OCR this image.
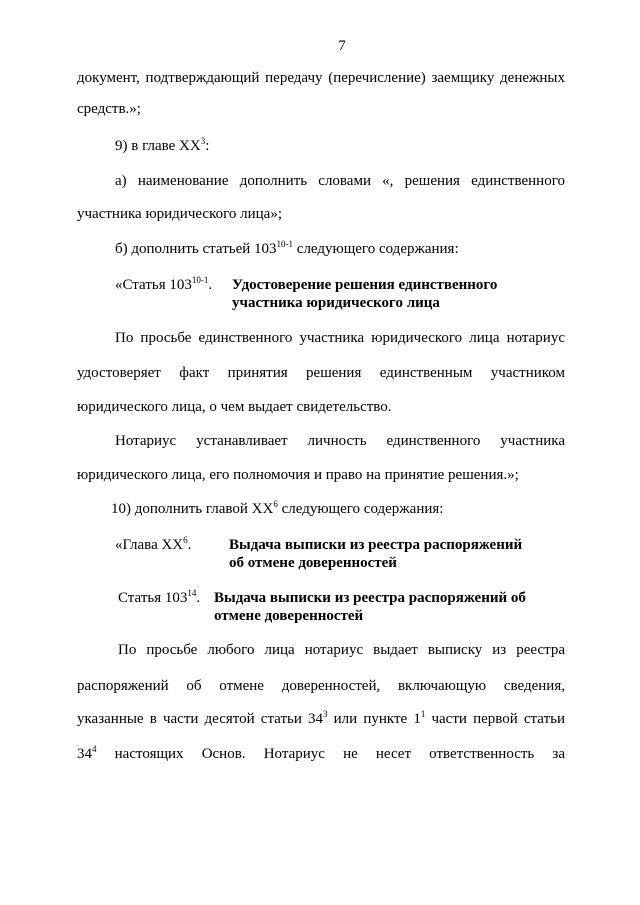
7
документ, подтверждающий передачу (перечисление) заемщику денежных
средств.»;
9) в главе $XX^3$:
а) наименование дополнить словами «, решения единственного
участника юридического лица»;
б) дополнить статьей 103$^{10-1}$ следующего содержания:
«Статья 103$^{10-1}$. Удостоверение решения единственного
участника юридического лица
По просьбе единственного участника юридического лица нотариус
удостоверяет факт принятия решения единственным участником
юридического лица, о чем выдает свидетельство.
Нотариус устанавливает личность единственного участника
юридического лица, его полномочия и право на принятие решения.»;
10) дополнить главой $XX^6$ следующего содержания:
«Глава $XX^6$.	Выдача выписки из реестра распоряжений
об отмене доверенностей
Статья $103^{14}$. Выдача выписки из реестра распоряжений об
отмене доверенностей
По просьбе любого лица нотариус выдает выписку из реестра
распоряжений об отмене доверенностей, включающую сведения,
указанные в части десятой статьи $34^3$ или пункте $1^1$ части первой статьи
$34^4$ настоящих Основ. Нотариус не несет ответственность за
